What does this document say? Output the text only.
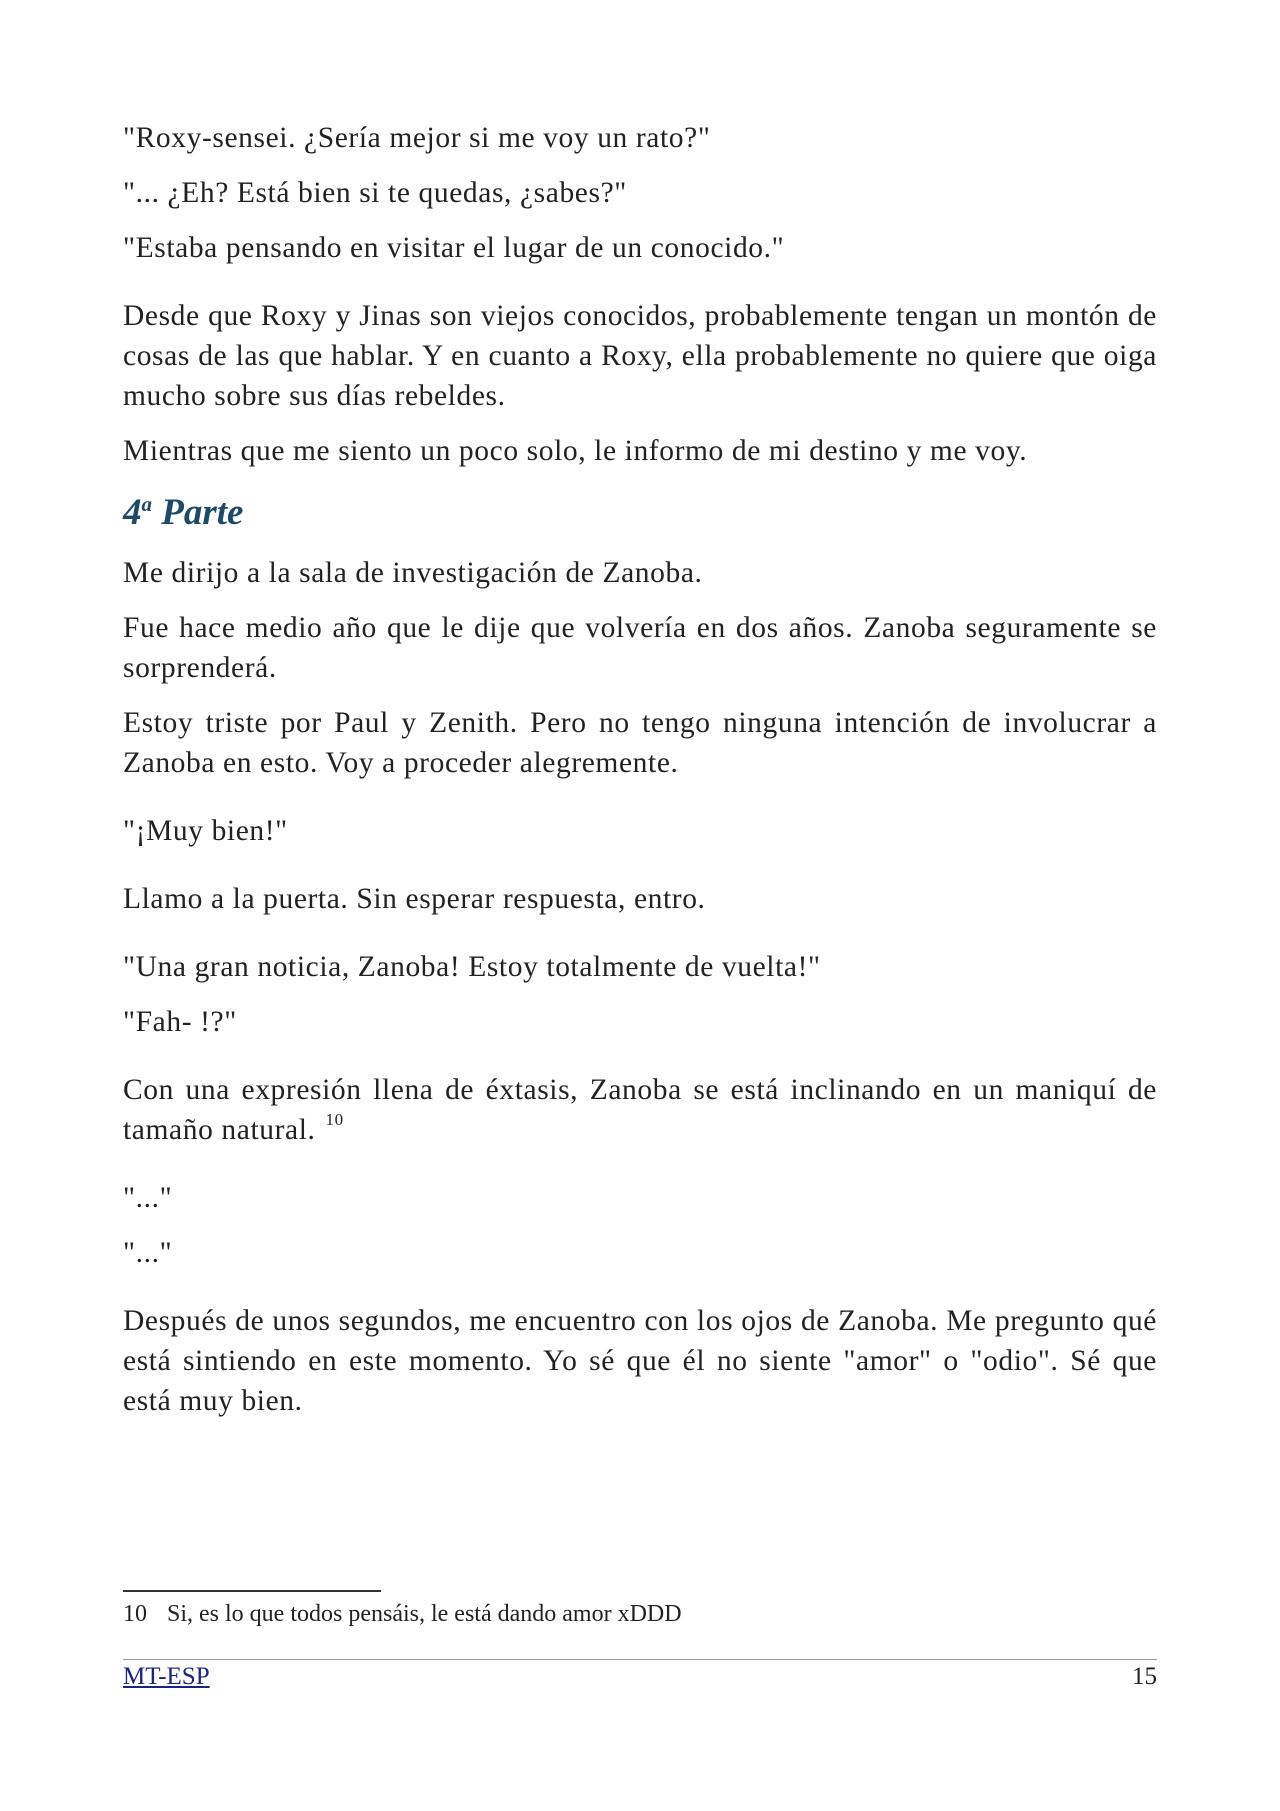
"Roxy-sensei. ¿Sería mejor si me voy un rato?"

"... ¿Eh? Está bien si te quedas, ¿sabes?"

"Estaba pensando en visitar el lugar de un conocido."

Desde que Roxy y Jinas son viejos conocidos, probablemente tengan un montón de cosas de las que hablar. Y en cuanto a Roxy, ella probablemente no quiere que oiga mucho sobre sus días rebeldes.

Mientras que me siento un poco solo, le informo de mi destino y me voy.

4$^a$ Parte

Me dirijo a la sala de investigación de Zanoba.

Fue hace medio año que le dije que volvería en dos años. Zanoba seguramente se sorprenderá.

Estoy triste por Paul y Zenith. Pero no tengo ninguna intención de involucrar a Zanoba en esto. Voy a proceder alegremente.

"¡Muy bien!"

Llamo a la puerta. Sin esperar respuesta, entro.

"Una gran noticia, Zanoba! Estoy totalmente de vuelta!"

"Fah- !?"

Con una expresión llena de éxtasis, Zanoba se está inclinando en un maniquí de tamaño natural. $^{10}$

"..."

"..."

Después de unos segundos, me encuentro con los ojos de Zanoba. Me pregunto qué está sintiendo en este momento. Yo sé que él no siente "amor" o "odio". Sé que está muy bien.

10 Si, es lo que todos pensáis, le está dando amor xDDD
MT-ESP	15
